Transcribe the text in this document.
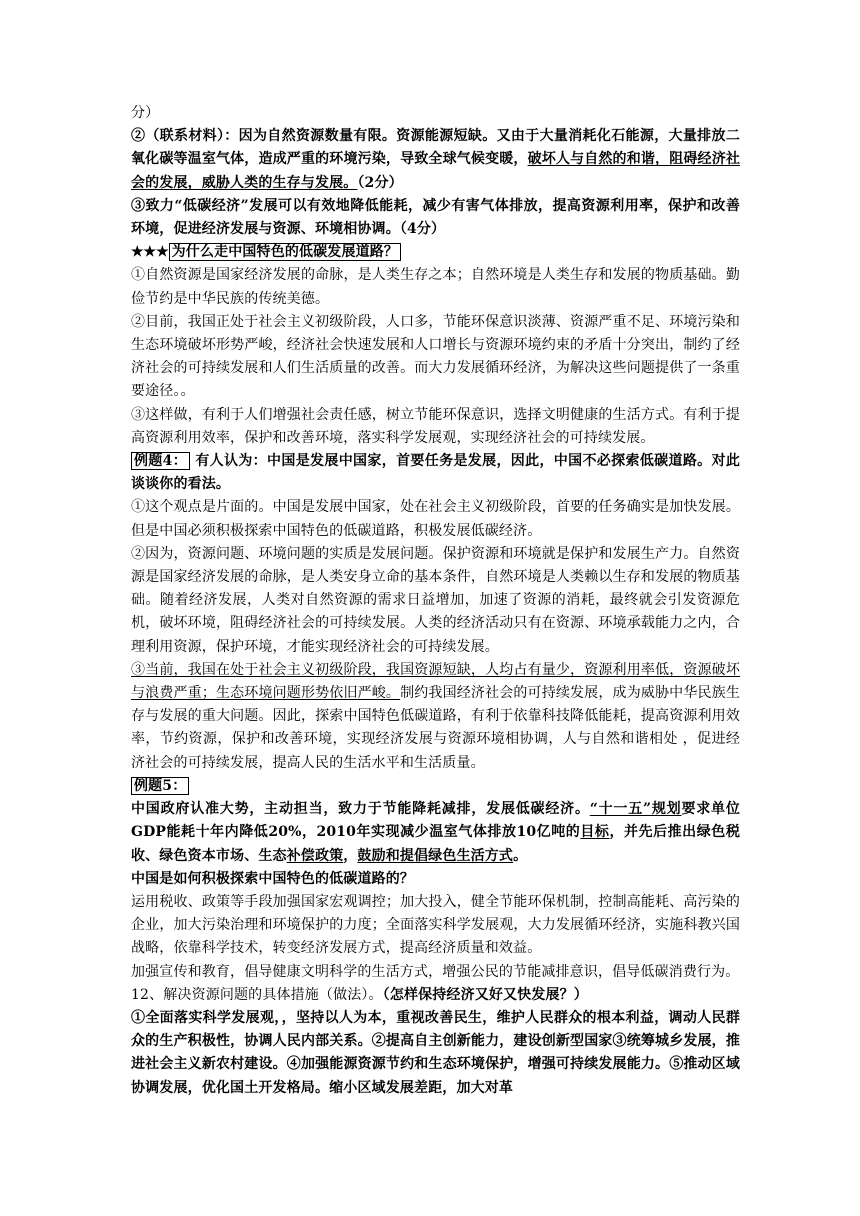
分）

②（联系材料）：因为自然资源数量有限。资源能源短缺。又由于大量消耗化石能源，大量排放二氧化碳等温室气体，造成严重的环境污染，导致全球气候变暖，破坏人与自然的和谐，阻碍经济社会的发展，威胁人类的生存与发展。（2分）

③致力“低碳经济”发展可以有效地降低能耗，减少有害气体排放，提高资源利用率，保护和改善环境，促进经济发展与资源、环境相协调。（4分）

★★★ 为什么走中国特色的低碳发展道路？

①自然资源是国家经济发展的命脉，是人类生存之本；自然环境是人类生存和发展的物质基础。勤俭节约是中华民族的传统美德。

②目前，我国正处于社会主义初级阶段，人口多，节能环保意识淡薄、资源严重不足、环境污染和生态环境破坏形势严峻，经济社会快速发展和人口增长与资源环境约束的矛盾十分突出，制约了经济社会的可持续发展和人们生活质量的改善。而大力发展循环经济，为解决这些问题提供了一条重要途径。。

③这样做，有利于人们增强社会责任感，树立节能环保意识，选择文明健康的生活方式。有利于提高资源利用效率，保护和改善环境，落实科学发展观，实现经济社会的可持续发展。

例题4： 有人认为：中国是发展中国家，首要任务是发展，因此，中国不必探索低碳道路。对此谈谈你的看法。

①这个观点是片面的。中国是发展中国家，处在社会主义初级阶段，首要的任务确实是加快发展。但是中国必须积极探索中国特色的低碳道路，积极发展低碳经济。

②因为，资源问题、环境问题的实质是发展问题。保护资源和环境就是保护和发展生产力。自然资源是国家经济发展的命脉，是人类安身立命的基本条件，自然环境是人类赖以生存和发展的物质基础。随着经济发展，人类对自然资源的需求日益增加，加速了资源的消耗，最终就会引发资源危机，破坏环境，阻碍经济社会的可持续发展。人类的经济活动只有在资源、环境承载能力之内，合理利用资源，保护环境，才能实现经济社会的可持续发展。

③当前，我国在处于社会主义初级阶段，我国资源短缺，人均占有量少，资源利用率低，资源破坏与浪费严重；生态环境问题形势依旧严峻。制约我国经济社会的可持续发展，成为威胁中华民族生存与发展的重大问题。因此，探索中国特色低碳道路，有利于依靠科技降低能耗，提高资源利用效率，节约资源，保护和改善环境，实现经济发展与资源环境相协调，人与自然和谐相处 ，促进经济社会的可持续发展，提高人民的生活水平和生活质量。

例题5：

中国政府认准大势，主动担当，致力于节能降耗减排，发展低碳经济。“十一五”规划要求单位GDP能耗十年内降低20%，2010年实现减少温室气体排放10亿吨的目标，并先后推出绿色税收、绿色资本市场、生态补偿政策，鼓励和提倡绿色生活方式。

中国是如何积极探索中国特色的低碳道路的？

运用税收、政策等手段加强国家宏观调控；加大投入，健全节能环保机制，控制高能耗、高污染的企业，加大污染治理和环境保护的力度；全面落实科学发展观，大力发展循环经济，实施科教兴国战略，依靠科学技术，转变经济发展方式，提高经济质量和效益。

加强宣传和教育，倡导健康文明科学的生活方式，增强公民的节能减排意识，倡导低碳消费行为。

12、解决资源问题的具体措施（做法）。（怎样保持经济又好又快发展？）

①全面落实科学发展观，，坚持以人为本，重视改善民生，维护人民群众的根本利益，调动人民群众的生产积极性，协调人民内部关系。②提高自主创新能力，建设创新型国家③统筹城乡发展，推进社会主义新农村建设。④加强能源资源节约和生态环境保护，增强可持续发展能力。⑤推动区域协调发展，优化国土开发格局。缩小区域发展差距，加大对革
